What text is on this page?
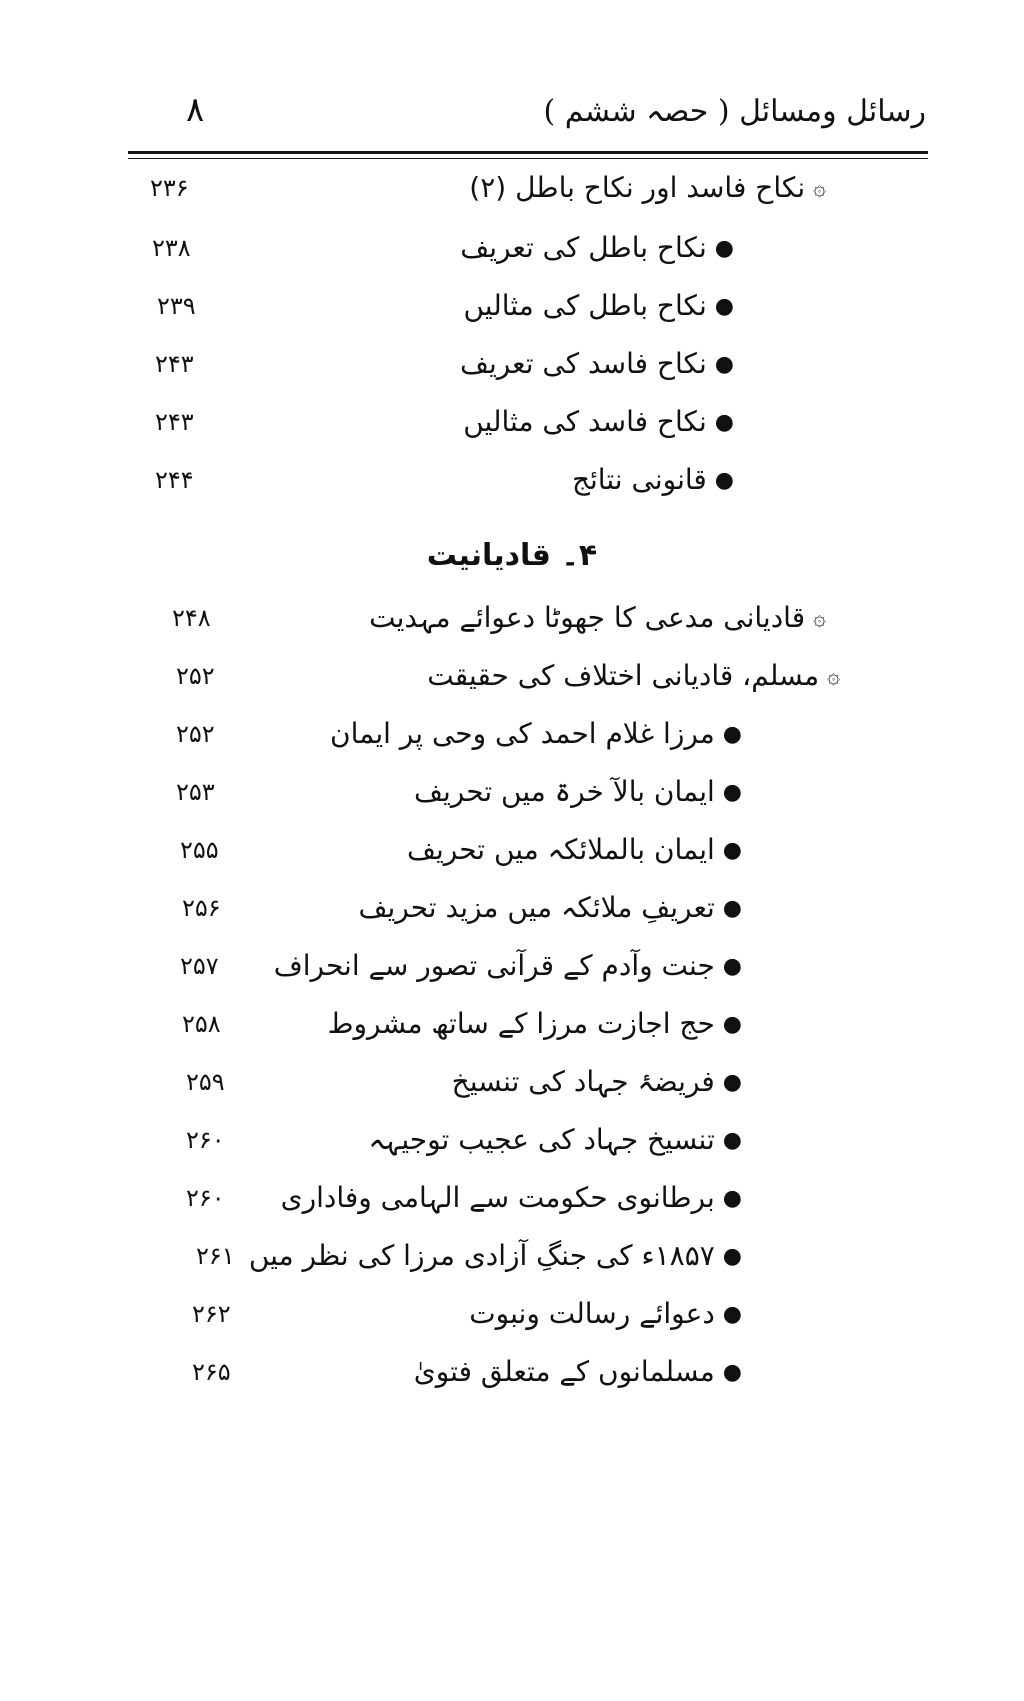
رسائل ومسائل ( حصہ ششم )
۸
۞نکاح فاسد اور نکاح باطل (۲)
۲۳۶
●نکاح باطل کی تعریف
۲۳۸
●نکاح باطل کی مثالیں
۲۳۹
●نکاح فاسد کی تعریف
۲۴۳
●نکاح فاسد کی مثالیں
۲۴۳
●قانونی نتائج
۲۴۴
۴۔ قادیانیت
۞قادیانی مدعی کا جھوٹا دعوائے مہدیت
۲۴۸
۞مسلم، قادیانی اختلاف کی حقیقت
۲۵۲
●مرزا غلام احمد کی وحی پر ایمان
۲۵۲
●ایمان بالآ خرۃ میں تحریف
۲۵۳
●ایمان بالملائکہ میں تحریف
۲۵۵
●تعریفِ ملائکہ میں مزید تحریف
۲۵۶
●جنت وآدم کے قرآنی تصور سے انحراف
۲۵۷
●حج اجازت مرزا کے ساتھ مشروط
۲۵۸
●فریضۂ جہاد کی تنسیخ
۲۵۹
●تنسیخ جہاد کی عجیب توجیہہ
۲۶۰
●برطانوی حکومت سے الہامی وفاداری
۲۶۰
●۱۸۵۷ء کی جنگِ آزادی مرزا کی نظر میں
۲۶۱
●دعوائے رسالت ونبوت
۲۶۲
●مسلمانوں کے متعلق فتویٰ
۲۶۵
